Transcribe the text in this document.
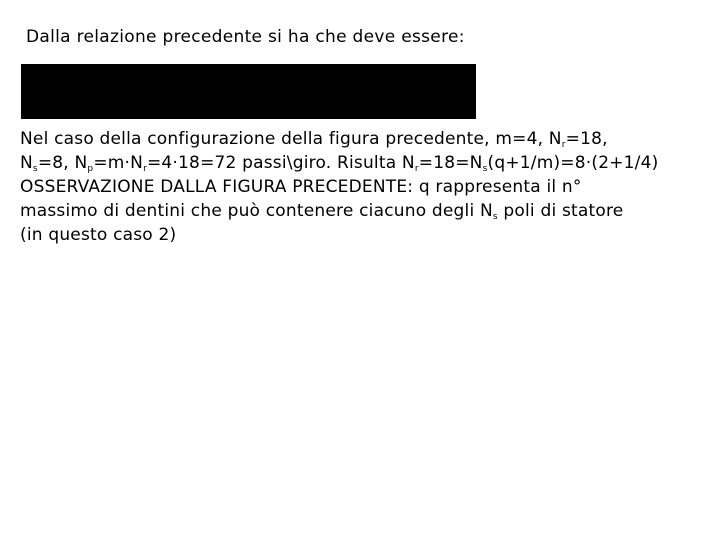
Dalla relazione precedente si ha che deve essere:
Nel caso della configurazione della figura precedente, m=4, $N_r=18$,
$N_s=8$, $N_p=m\cdot N_r=4\cdot 18=72$ passi\giro. Risulta $N_r=18=N_s(q+1/m)=8\cdot(2+1/4)$
OSSERVAZIONE DALLA FIGURA PRECEDENTE: q rappresenta il n°
massimo di dentini che può contenere ciacuno degli $N_s$ poli di statore
(in questo caso 2)
